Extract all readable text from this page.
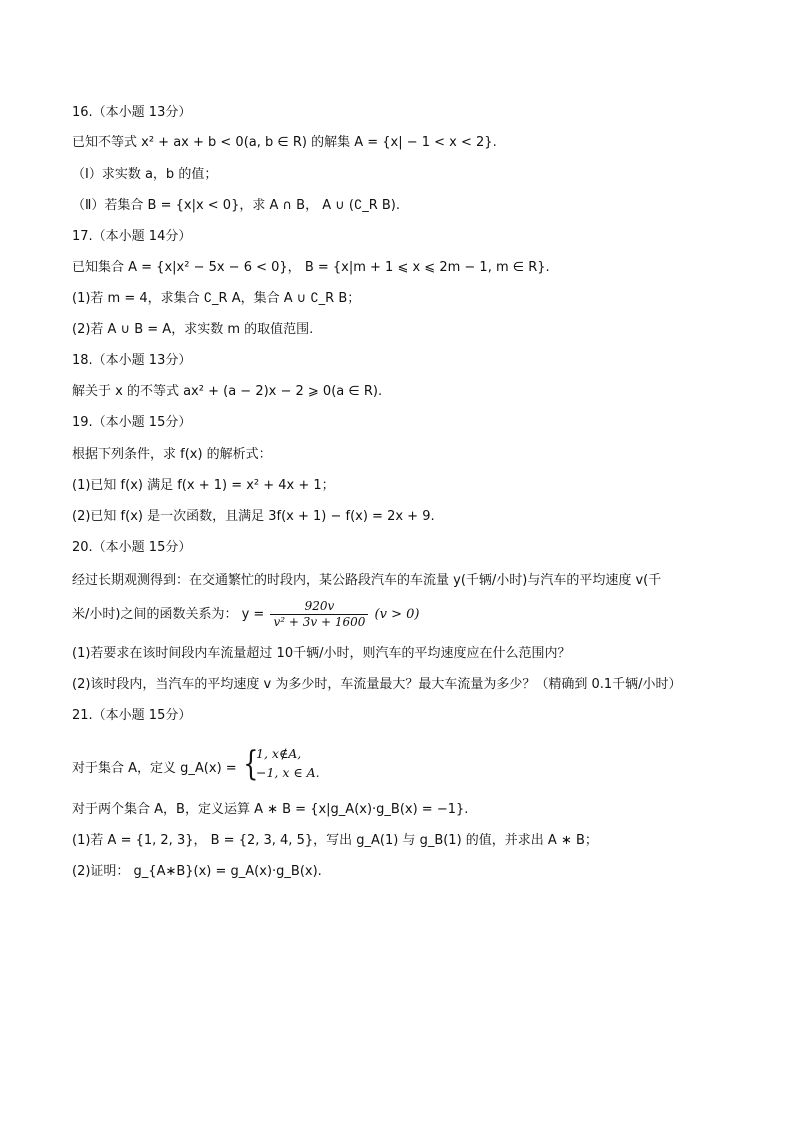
16.（本小题 13分）
已知不等式 x² + ax + b < 0(a, b ∈ R) 的解集 A = {x| − 1 < x < 2}.
（Ⅰ）求实数 a，b 的值；
（Ⅱ）若集合 B = {x|x < 0}，求 A ∩ B， A ∪ (∁_R B).
17.（本小题 14分）
已知集合 A = {x|x² − 5x − 6 < 0}， B = {x|m + 1 ⩽ x ⩽ 2m − 1, m ∈ R}.
(1)若 m = 4，求集合 ∁_R A，集合 A ∪ ∁_R B；
(2)若 A ∪ B = A，求实数 m 的取值范围.
18.（本小题 13分）
解关于 x 的不等式 ax² + (a − 2)x − 2 ⩾ 0(a ∈ R).
19.（本小题 15分）
根据下列条件，求 f(x) 的解析式：
(1)已知 f(x) 满足 f(x + 1) = x² + 4x + 1；
(2)已知 f(x) 是一次函数，且满足 3f(x + 1) − f(x) = 2x + 9.
20.（本小题 15分）
经过长期观测得到：在交通繁忙的时段内，某公路段汽车的车流量 y(千辆/小时)与汽车的平均速度 v(千
米/小时)之间的函数关系为： $y = \frac{920v}{\text{v² + 3v + 1600}} (v > 0)$
(1)若要求在该时间段内车流量超过 10千辆/小时，则汽车的平均速度应在什么范围内？
(2)该时段内，当汽车的平均速度 v 为多少时，车流量最大？最大车流量为多少？（精确到 0.1千辆/小时）
21.（本小题 15分）
对于集合 A，定义 g_A(x) = {
1, x∉A,
−1, x ∈ A.
对于两个集合 A，B，定义运算 A ∗ B = {x|g_A(x)·g_B(x) = −1}.
(1)若 A = {1, 2, 3}， B = {2, 3, 4, 5}，写出 g_A(1) 与 g_B(1) 的值，并求出 A ∗ B；
(2)证明： g_{A∗B}(x) = g_A(x)·g_B(x).
